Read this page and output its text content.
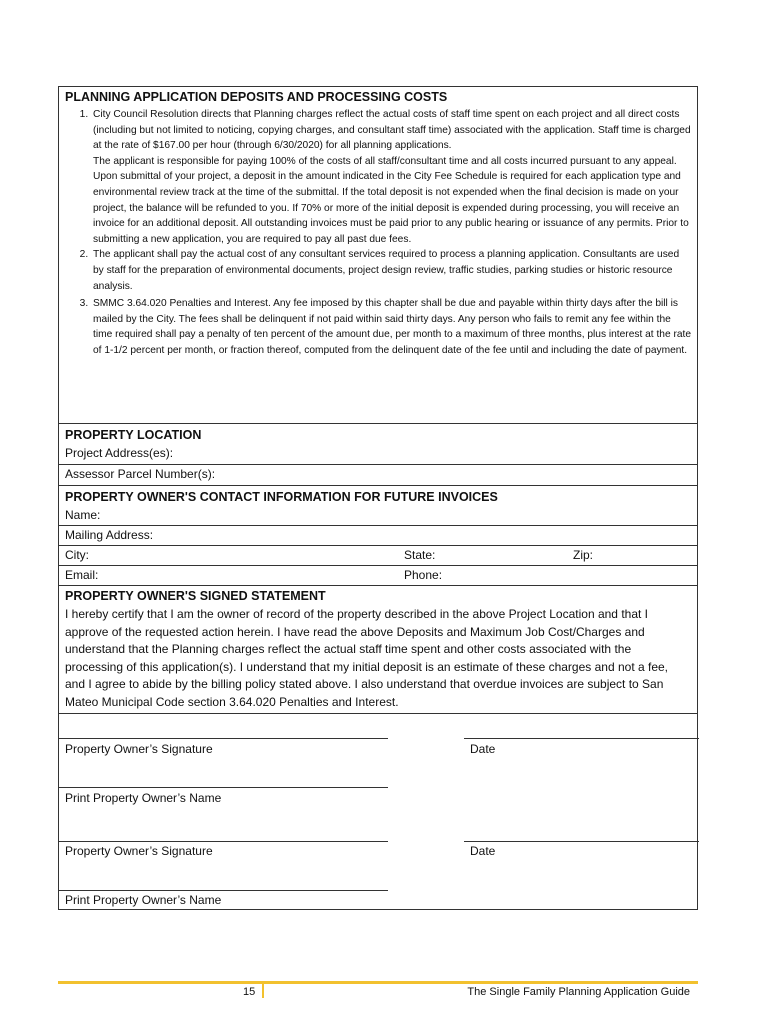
PLANNING APPLICATION DEPOSITS AND PROCESSING COSTS
1. City Council Resolution directs that Planning charges reflect the actual costs of staff time spent on each project and all direct costs (including but not limited to noticing, copying charges, and consultant staff time) associated with the application. Staff time is charged at the rate of $167.00 per hour (through 6/30/2020) for all planning applications.
The applicant is responsible for paying 100% of the costs of all staff/consultant time and all costs incurred pursuant to any appeal.
Upon submittal of your project, a deposit in the amount indicated in the City Fee Schedule is required for each application type and environmental review track at the time of the submittal. If the total deposit is not expended when the final decision is made on your project, the balance will be refunded to you. If 70% or more of the initial deposit is expended during processing, you will receive an invoice for an additional deposit. All outstanding invoices must be paid prior to any public hearing or issuance of any permits. Prior to submitting a new application, you are required to pay all past due fees.
2. The applicant shall pay the actual cost of any consultant services required to process a planning application. Consultants are used by staff for the preparation of environmental documents, project design review, traffic studies, parking studies or historic resource analysis.
3. SMMC 3.64.020 Penalties and Interest. Any fee imposed by this chapter shall be due and payable within thirty days after the bill is mailed by the City. The fees shall be delinquent if not paid within said thirty days. Any person who fails to remit any fee within the time required shall pay a penalty of ten percent of the amount due, per month to a maximum of three months, plus interest at the rate of 1-1/2 percent per month, or fraction thereof, computed from the delinquent date of the fee until and including the date of payment.
PROPERTY LOCATION
Project Address(es):
Assessor Parcel Number(s):
PROPERTY OWNER'S CONTACT INFORMATION FOR FUTURE INVOICES
Name:
Mailing Address:
City:	State:	Zip:
Email:	Phone:
PROPERTY OWNER'S SIGNED STATEMENT
I hereby certify that I am the owner of record of the property described in the above Project Location and that I approve of the requested action herein. I have read the above Deposits and Maximum Job Cost/Charges and understand that the Planning charges reflect the actual staff time spent and other costs associated with the processing of this application(s). I understand that my initial deposit is an estimate of these charges and not a fee, and I agree to abide by the billing policy stated above. I also understand that overdue invoices are subject to San Mateo Municipal Code section 3.64.020 Penalties and Interest.
Property Owner’s Signature	Date
Print Property Owner’s Name
Property Owner’s Signature	Date
Print Property Owner’s Name
15	The Single Family Planning Application Guide
